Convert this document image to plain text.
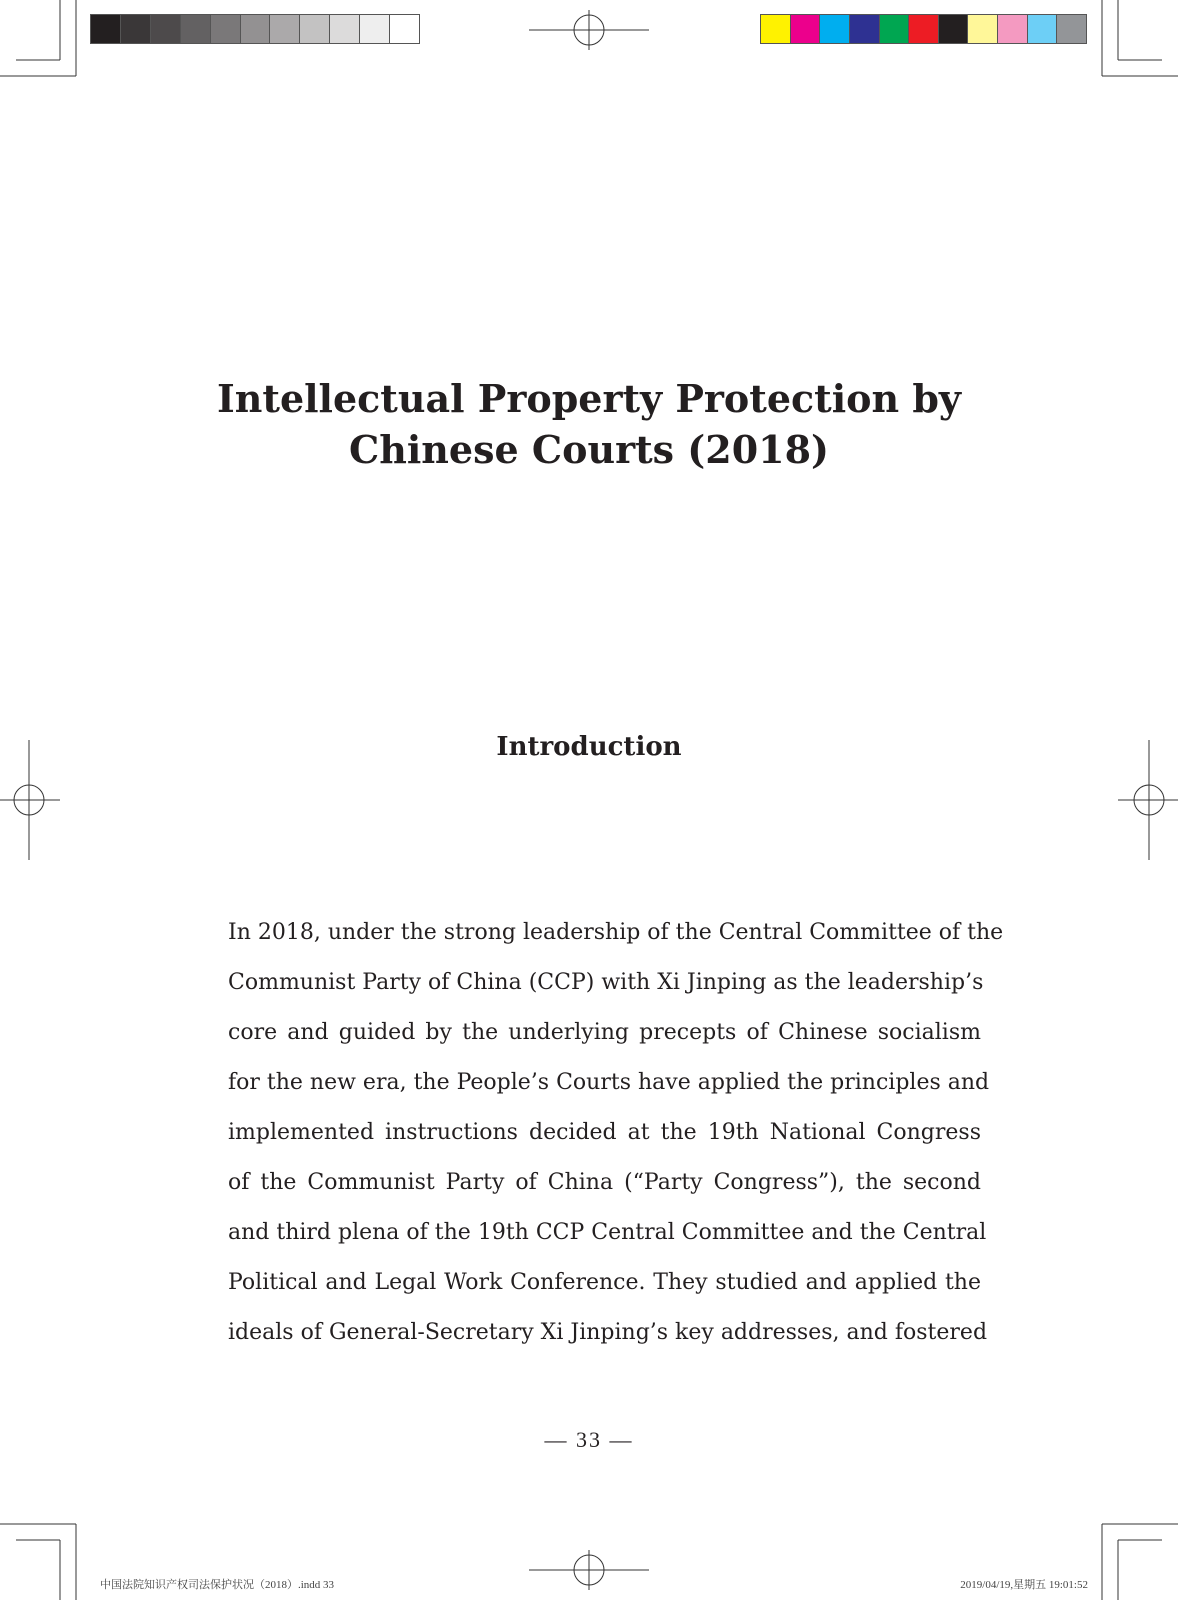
Intellectual Property Protection by
Chinese Courts (2018)
Introduction
In 2018, under the strong leadership of the Central Committee of the
Communist Party of China (CCP) with Xi Jinping as the leadership’s
core and guided by the underlying precepts of Chinese socialism
for the new era, the People’s Courts have applied the principles and
implemented instructions decided at the 19th National Congress
of the Communist Party of China (“Party Congress”), the second
and third plena of the 19th CCP Central Committee and the Central
Political and Legal Work Conference. They studied and applied the
ideals of General-Secretary Xi Jinping’s key addresses, and fostered
— 33 —
中国法院知识产权司法保护状况（2018）.indd 33	2019/04/19,星期五 19:01:52
